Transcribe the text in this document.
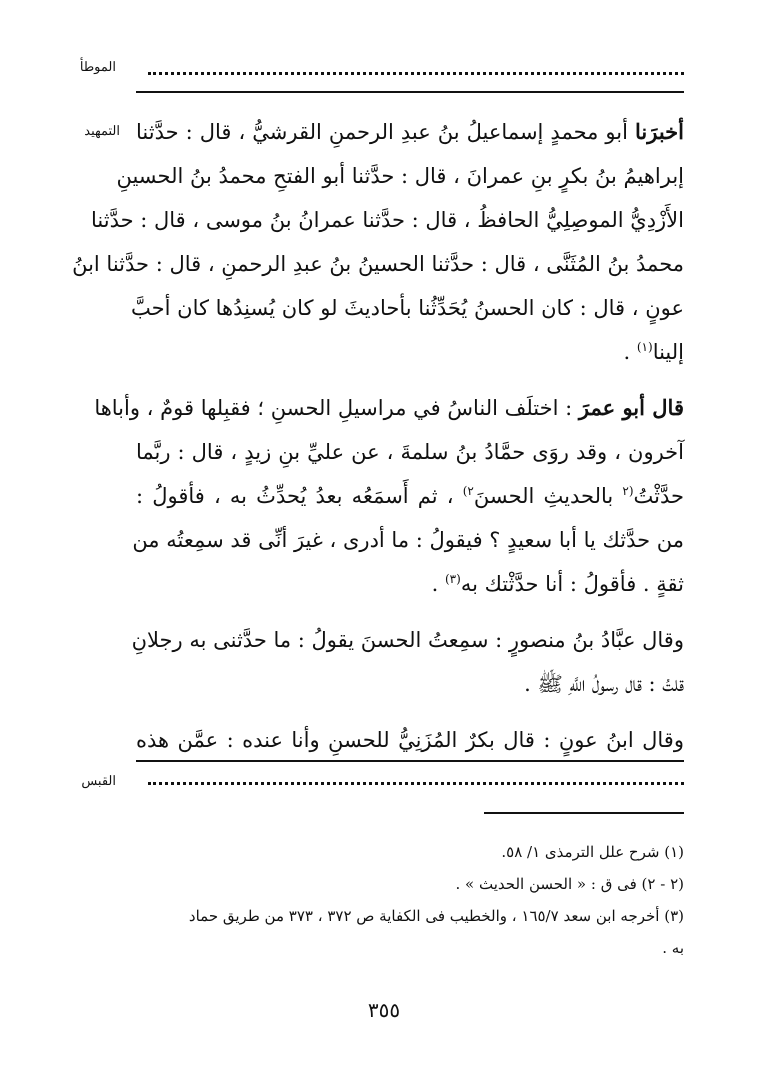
الموطأ
التمهيد	أخبرَنا أبو محمدٍ إسماعيلُ بنُ عبدِ الرحمنِ القرشيُّ ، قال : حدَّثنا
إبراهيمُ بنُ بكرٍ بنِ عمرانَ ، قال : حدَّثنا أبو الفتحِ محمدُ بنُ الحسينِ
الأَزْدِيُّ الموصِلِيُّ الحافظُ ، قال : حدَّثنا عمرانُ بنُ موسى ، قال : حدَّثنا
محمدُ بنُ المُثَنَّى ، قال : حدَّثنا الحسينُ بنُ عبدِ الرحمنِ ، قال : حدَّثنا ابنُ
عونٍ ، قال : كان الحسنُ يُحَدِّثُنا بأحاديثَ لو كان يُسنِدُها كان أحبَّ
إلينا$^{(١)}$ .
قال أبو عمرَ : اختلَف الناسُ في مراسيلِ الحسنِ ؛ فقبِلها قومٌ ، وأباها
آخرون ، وقد روَى حمَّادُ بنُ سلمةَ ، عن عليِّ بنِ زيدٍ ، قال : ربَّما
حدَّثْتُ$^{(٢}$ بالحديثِ الحسنَ$^{٢)}$ ، ثم أَسمَعُه بعدُ يُحدِّثُ به ، فأقولُ :
من حدَّثك يا أبا سعيدٍ ؟ فيقولُ : ما أدرى ، غيرَ أنِّى قد سمِعتُه من
ثقةٍ . فأقولُ : أنا حدَّثْتك به$^{(٣)}$ .
وقال عبَّادُ بنُ منصورٍ : سمِعتُ الحسنَ يقولُ : ما حدَّثنى به رجلانِ
قلتُ : قال رسولُ اللَّهِ ﷺ .
وقال ابنُ عونٍ : قال بكرٌ المُزَنِيُّ للحسنِ وأنا عنده : عمَّن هذه
القبس
(١) شرح علل الترمذى ١/ ٥٨.
(٢ - ٢) فى ق : « الحسن الحديث » .
(٣) أخرجه ابن سعد ١٦٥/٧ ، والخطيب فى الكفاية ص ٣٧٢ ، ٣٧٣ من طريق حماد
به .
٣٥٥
